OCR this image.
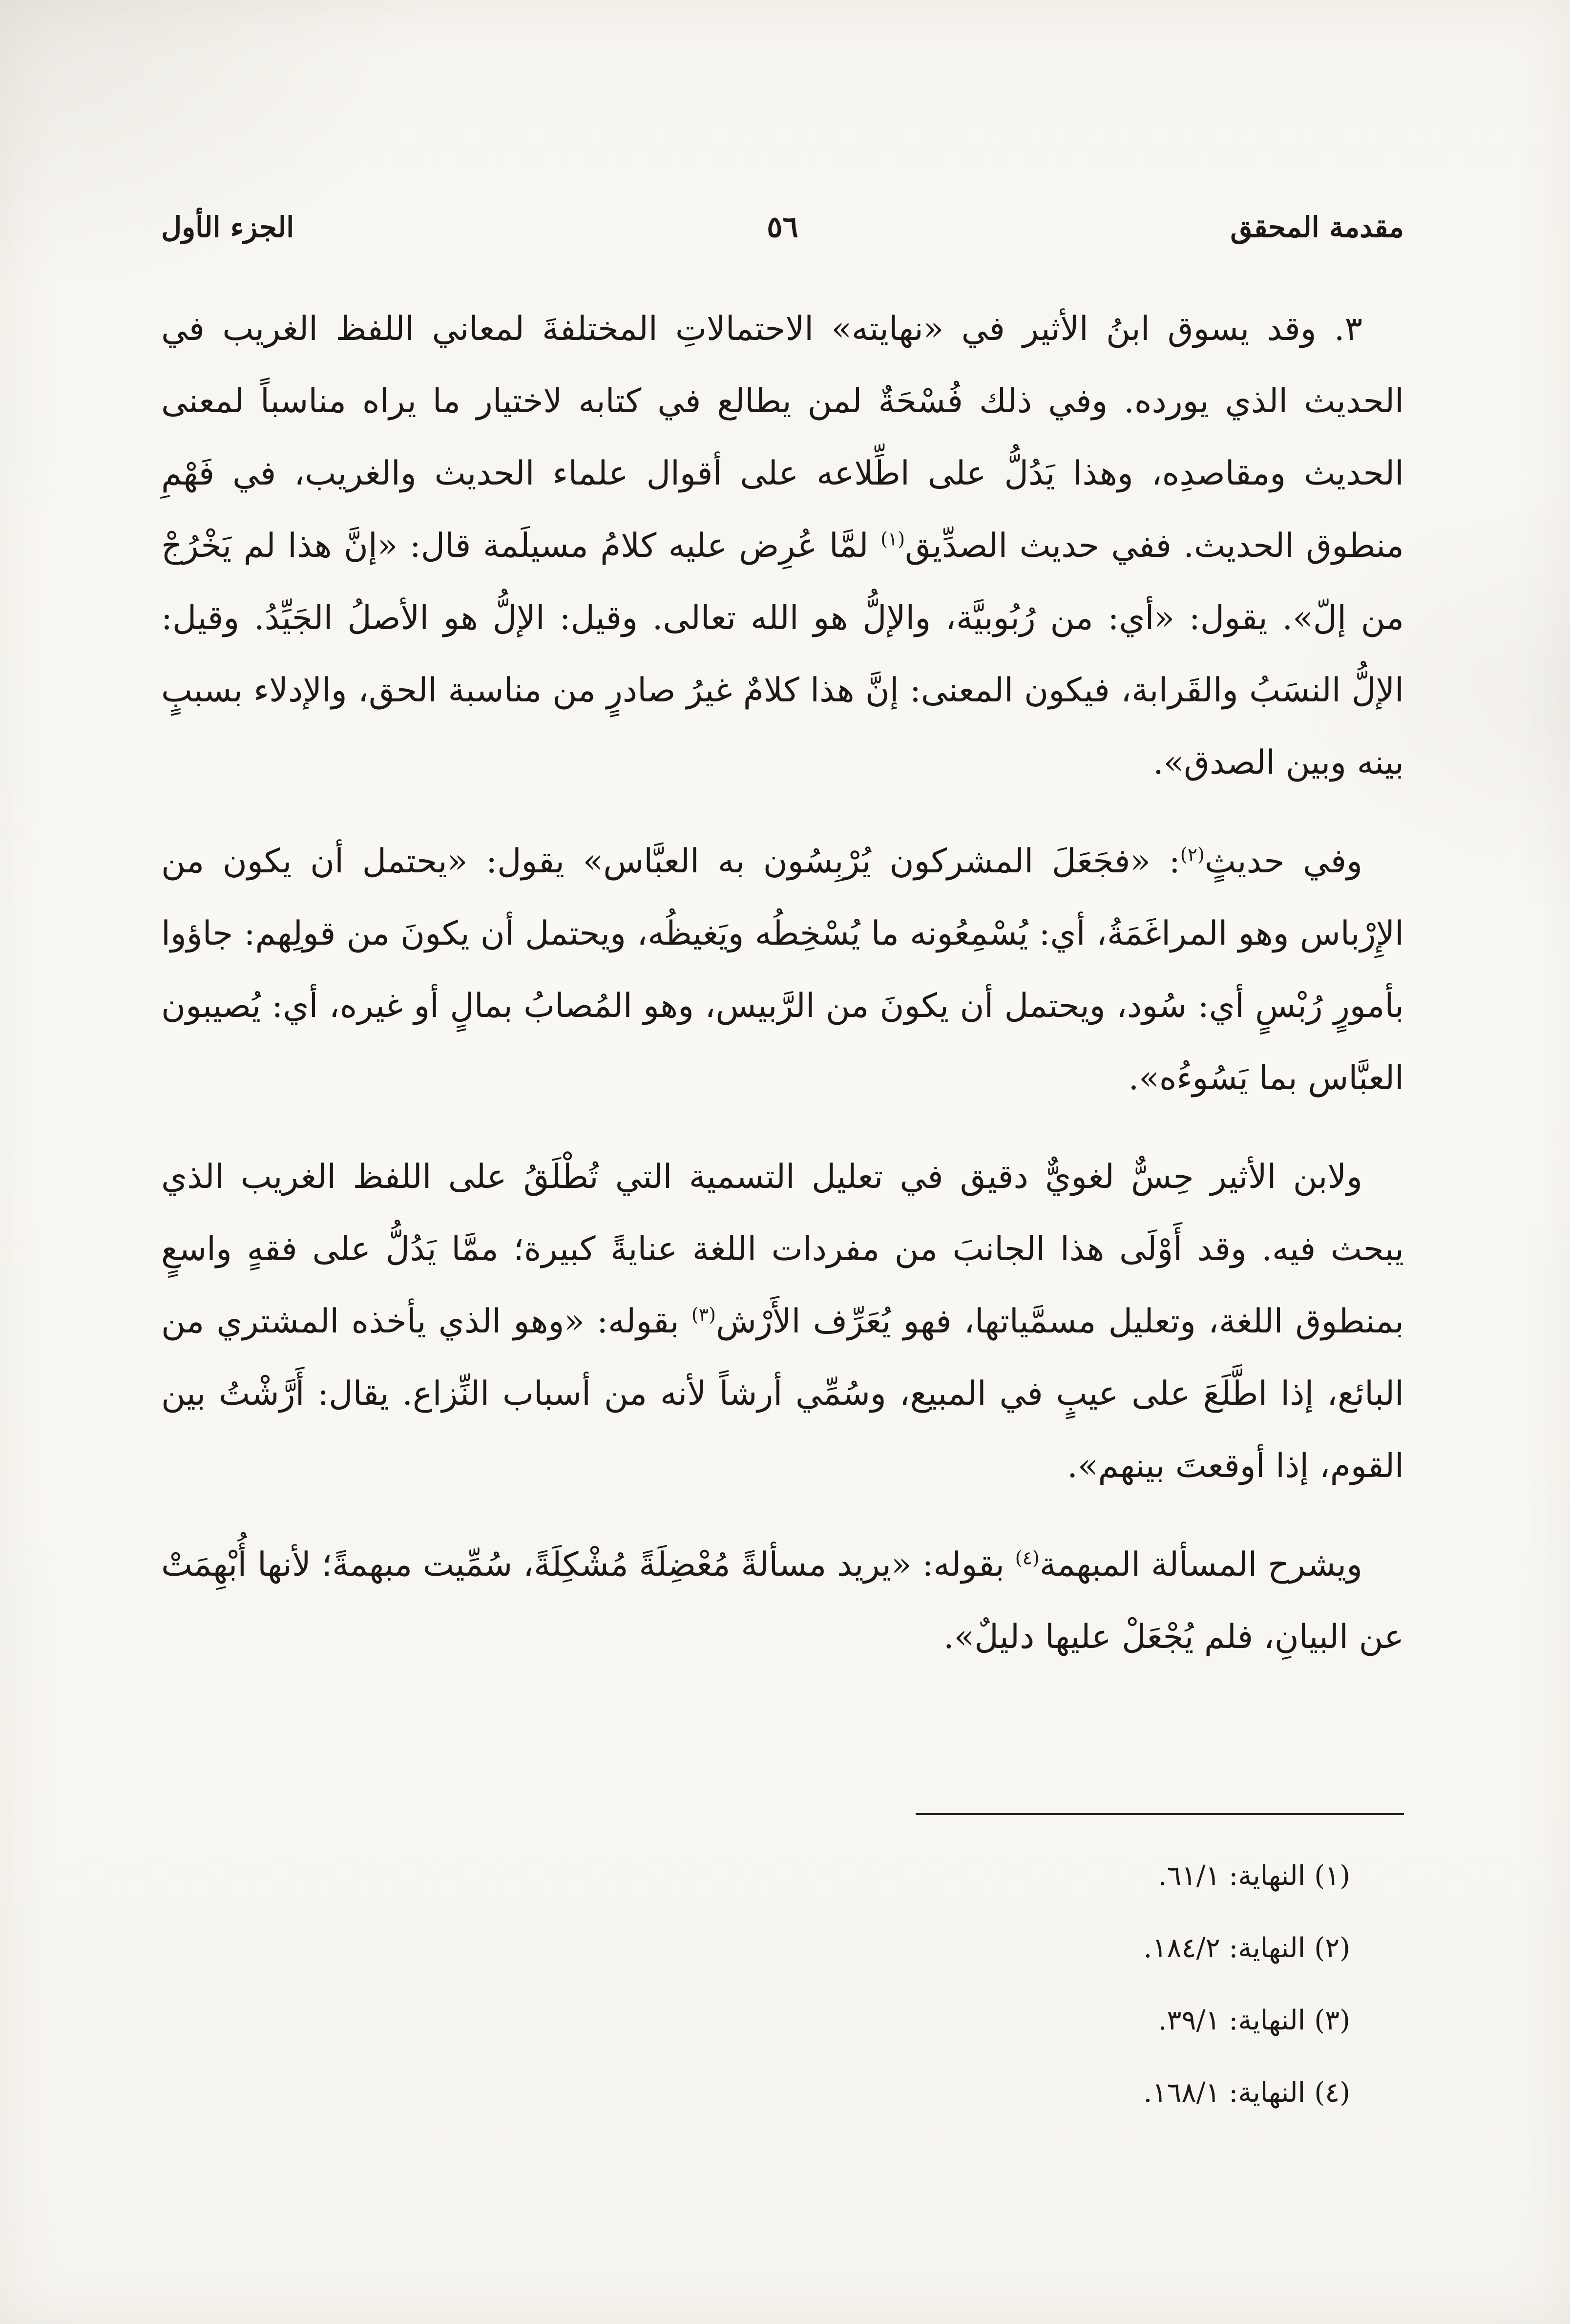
مقدمة المحقق
٥٦
الجزء الأول

٣. وقد يسوق ابنُ الأثير في «نهايته» الاحتمالاتِ المختلفةَ لمعاني اللفظ الغريب في الحديث الذي يورده. وفي ذلك فُسْحَةٌ لمن يطالع في كتابه لاختيار ما يراه مناسباً لمعنى الحديث ومقاصدِه، وهذا يَدُلُّ على اطِّلاعه على أقوال علماء الحديث والغريب، في فَهْمِ منطوق الحديث. ففي حديث الصدِّيق$^{(١)}$ لمَّا عُرِض عليه كلامُ مسيلَمة قال: «إنَّ هذا لم يَخْرُجْ من إلّ». يقول: «أي: من رُبُوبيَّة، والإلُّ هو الله تعالى. وقيل: الإلُّ هو الأصلُ الجَيِّدُ. وقيل: الإلُّ النسَبُ والقَرابة، فيكون المعنى: إنَّ هذا كلامٌ غيرُ صادرٍ من مناسبة الحق، والإدلاء بسببٍ بينه وبين الصدق».

وفي حديثٍ$^{(٢)}$: «فجَعَلَ المشركون يُرْبِسُون به العبَّاس» يقول: «يحتمل أن يكون من الإِرْباس وهو المراغَمَةُ، أي: يُسْمِعُونه ما يُسْخِطُه ويَغيظُه، ويحتمل أن يكونَ من قولِهم: جاؤوا بأمورٍ رُبْسٍ أي: سُود، ويحتمل أن يكونَ من الرَّبيس، وهو المُصابُ بمالٍ أو غيره، أي: يُصيبون العبَّاس بما يَسُوءُه».

ولابن الأثير حِسٌّ لغويٌّ دقيق في تعليل التسمية التي تُطْلَقُ على اللفظ الغريب الذي يبحث فيه. وقد أَوْلَى هذا الجانبَ من مفردات اللغة عنايةً كبيرة؛ ممَّا يَدُلُّ على فقهٍ واسعٍ بمنطوق اللغة، وتعليل مسمَّياتها، فهو يُعَرِّف الأَرْش$^{(٣)}$ بقوله: «وهو الذي يأخذه المشتري من البائع، إذا اطَّلَعَ على عيبٍ في المبيع، وسُمِّي أرشاً لأنه من أسباب النِّزاع. يقال: أَرَّشْتُ بين القوم، إذا أوقعتَ بينهم».

ويشرح المسألة المبهمة$^{(٤)}$ بقوله: «يريد مسألةً مُعْضِلَةً مُشْكِلَةً، سُمِّيت مبهمةً؛ لأنها أُبْهِمَتْ عن البيانِ، فلم يُجْعَلْ عليها دليلٌ».

(١)النهاية: ٦١/١.
(٢)النهاية: ١٨٤/٢.
(٣)النهاية: ٣٩/١.
(٤)النهاية: ١٦٨/١.
